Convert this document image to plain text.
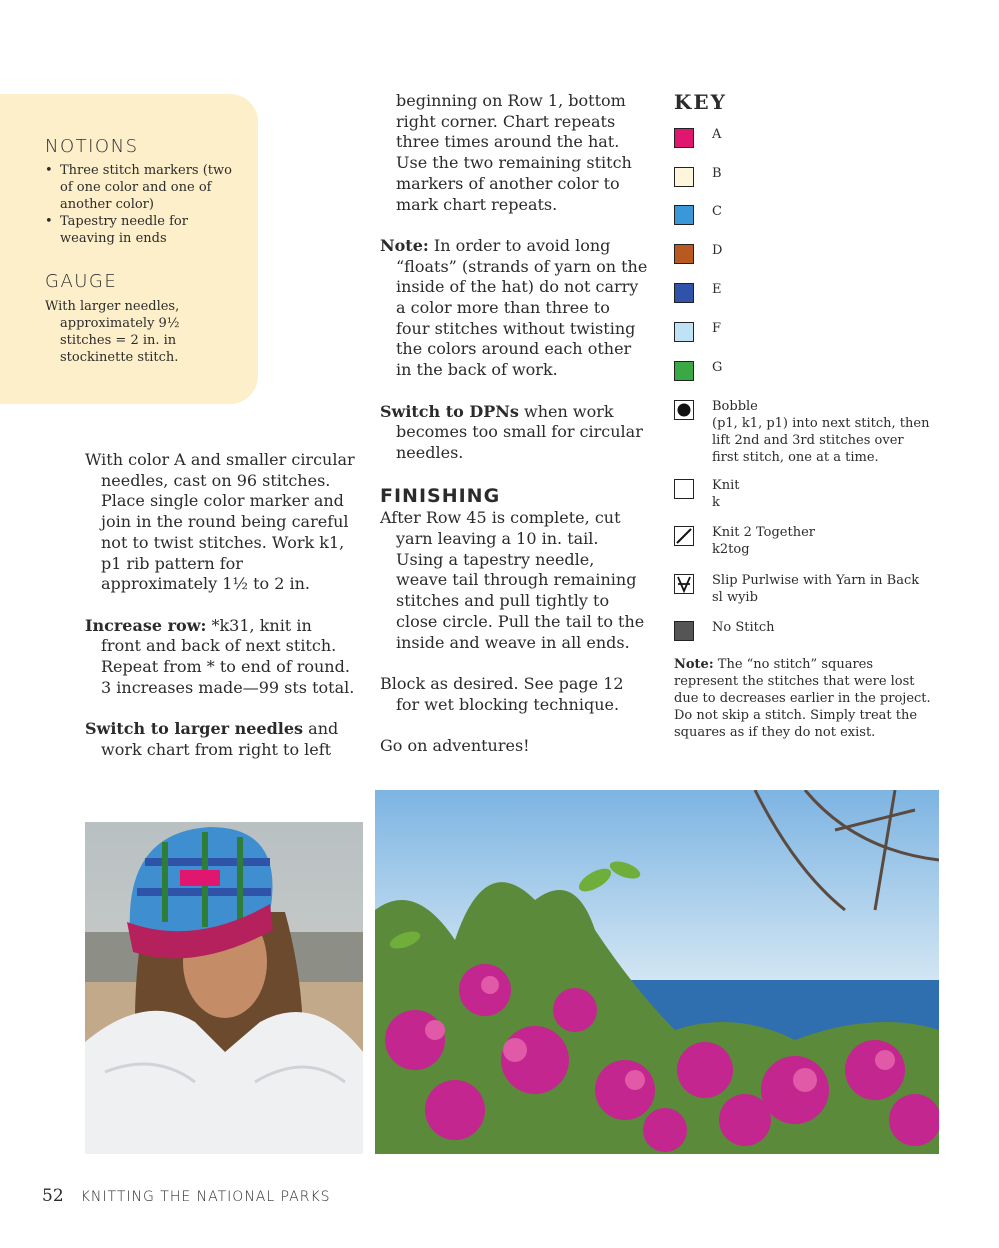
NOTIONS
• Three stitch markers (two of one color and one of another color)
• Tapestry needle for weaving in ends
GAUGE
With larger needles, approximately 9½ stitches = 2 in. in stockinette stitch.

With color A and smaller circular needles, cast on 96 stitches. Place single color marker and join in the round being careful not to twist stitches. Work k1, p1 rib pattern for approximately 1½ to 2 in.

Increase row: *k31, knit in front and back of next stitch. Repeat from * to end of round. 3 increases made—99 sts total.

Switch to larger needles and work chart from right to left

beginning on Row 1, bottom right corner. Chart repeats three times around the hat. Use the two remaining stitch markers of another color to mark chart repeats.

Note: In order to avoid long “floats” (strands of yarn on the inside of the hat) do not carry a color more than three to four stitches without twisting the colors around each other in the back of work.

Switch to DPNs when work becomes too small for circular needles.

FINISHING

After Row 45 is complete, cut yarn leaving a 10 in. tail. Using a tapestry needle, weave tail through remaining stitches and pull tightly to close circle. Pull the tail to the inside and weave in all ends.

Block as desired. See page 12 for wet blocking technique.

Go on adventures!

KEY
A
B
C
D
E
F
G
Bobble
(p1, k1, p1) into next stitch, then lift 2nd and 3rd stitches over first stitch, one at a time.
Knit
k
Knit 2 Together
k2tog
Slip Purlwise with Yarn in Back
sl wyib
No Stitch
Note: The “no stitch” squares represent the stitches that were lost due to decreases earlier in the project. Do not skip a stitch. Simply treat the squares as if they do not exist.
52 KNITTING THE NATIONAL PARKS
